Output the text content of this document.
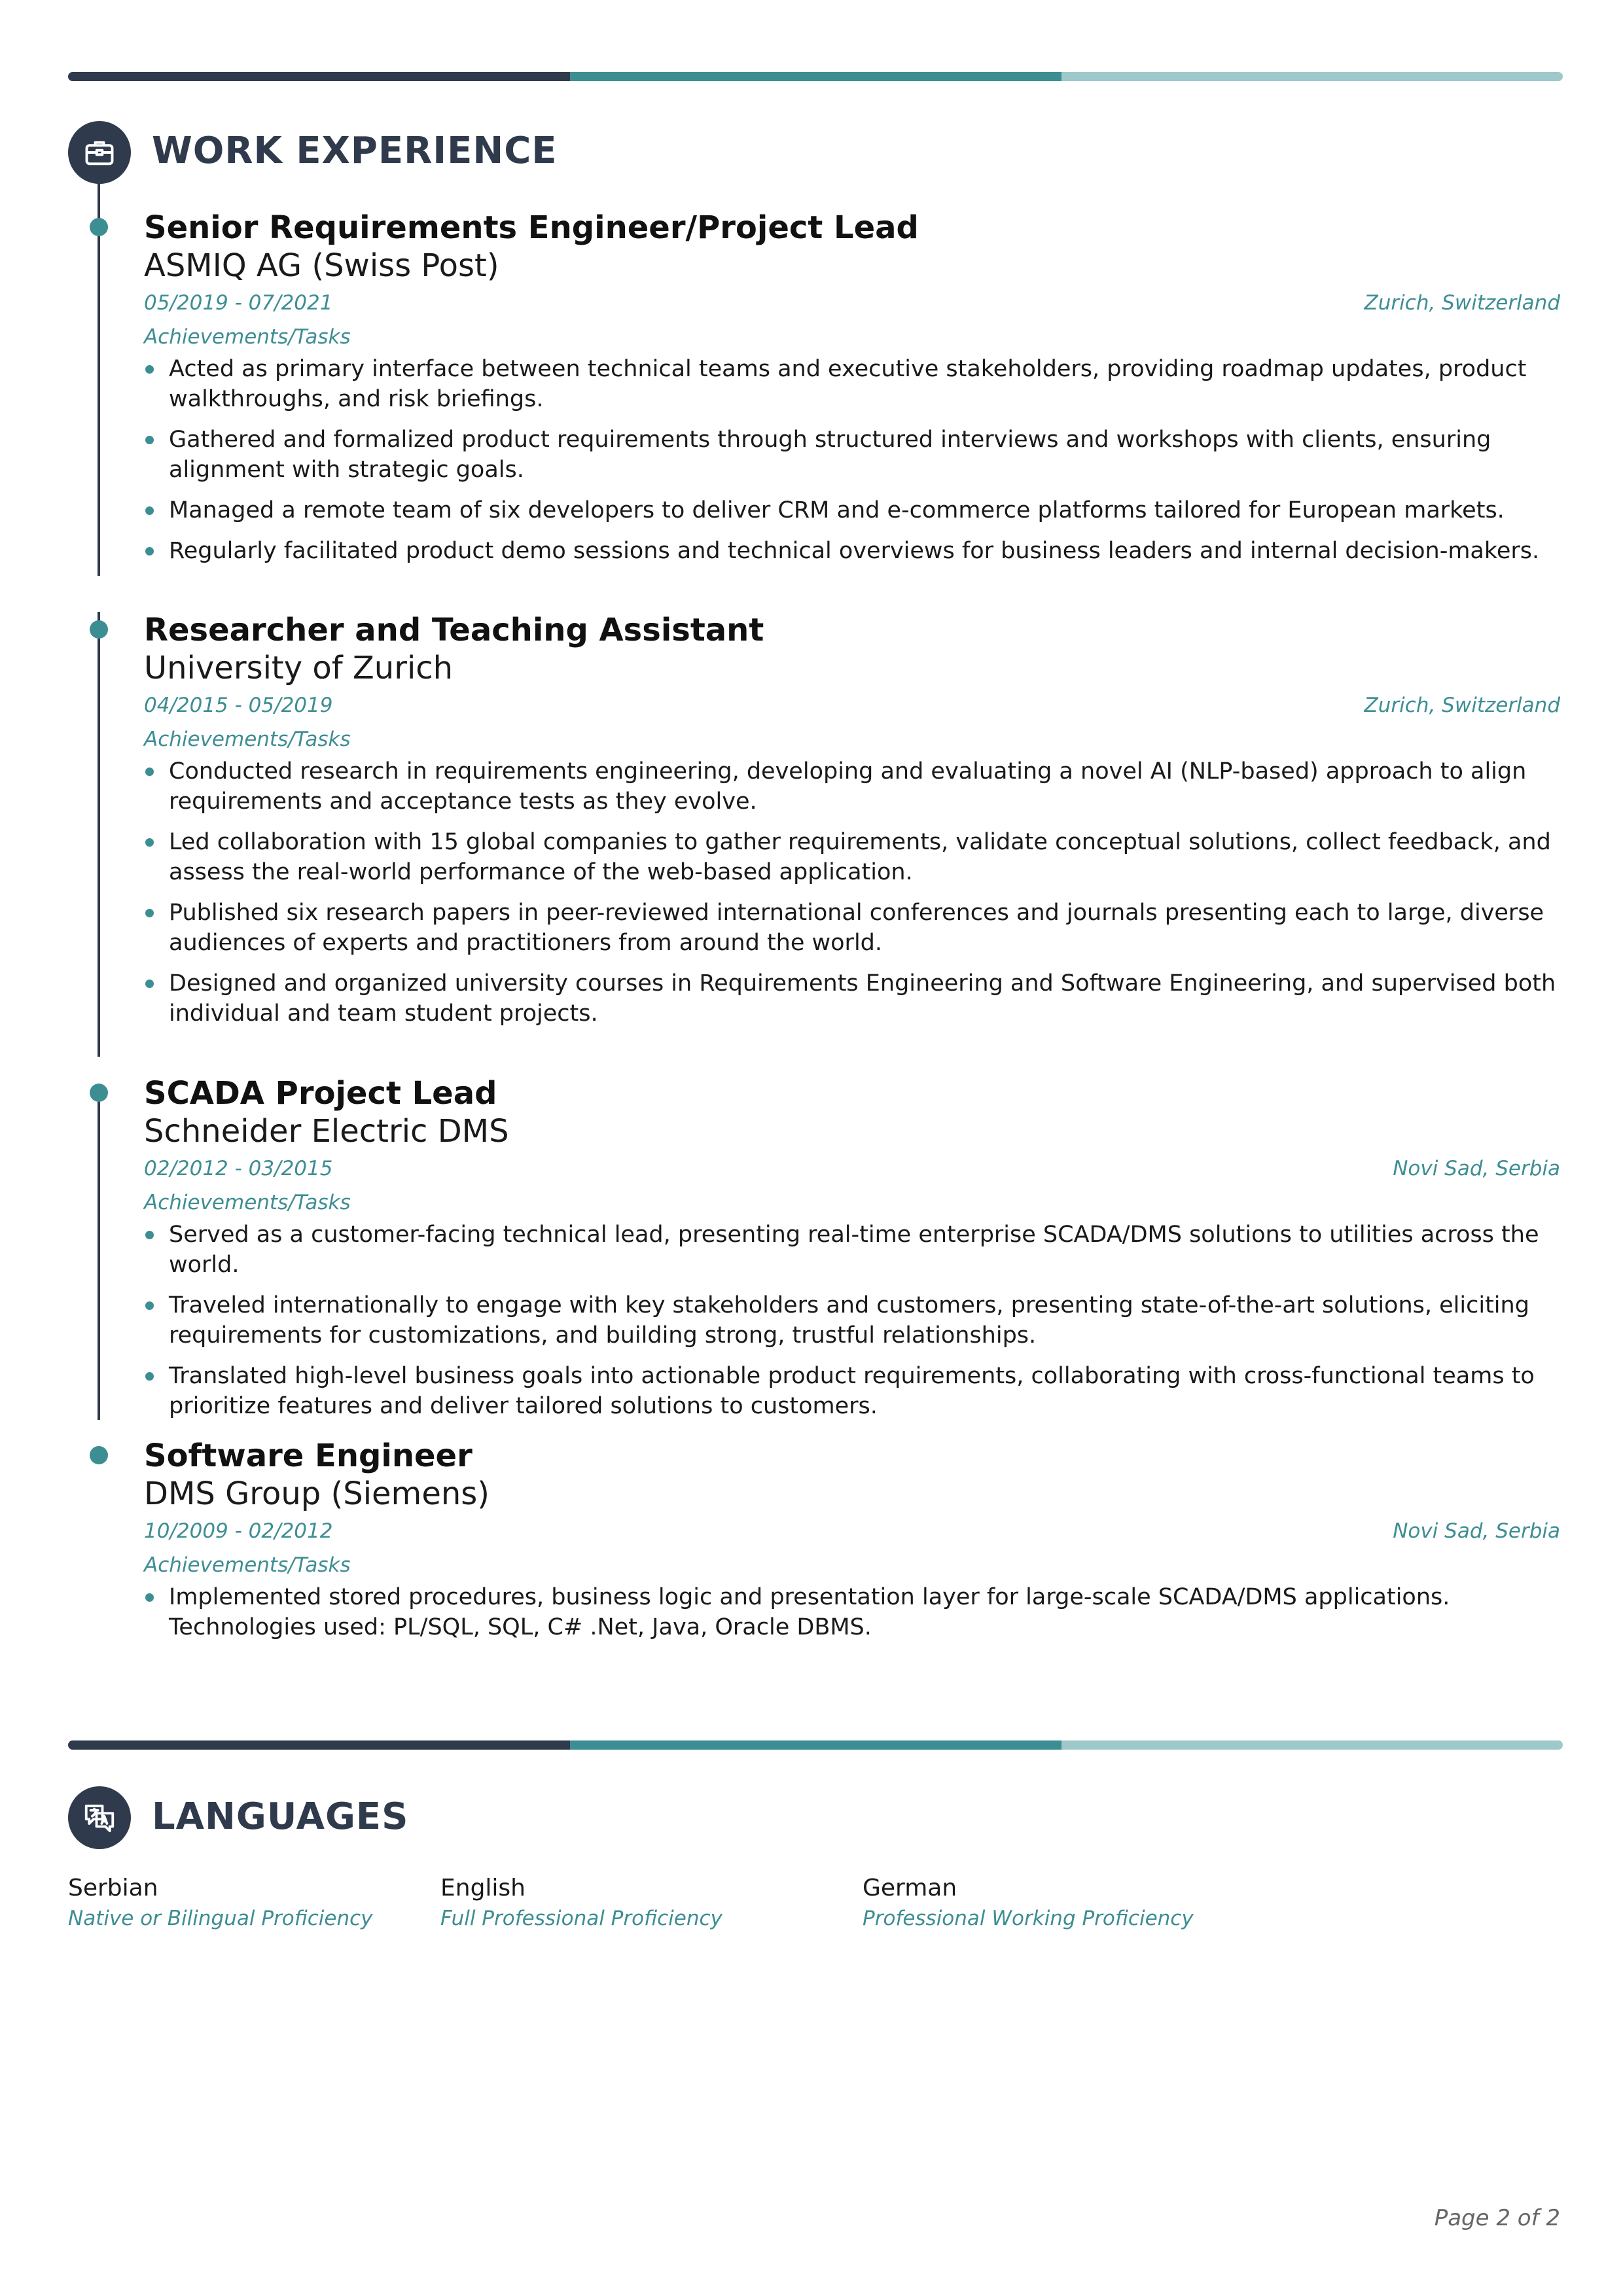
WORK EXPERIENCE
Senior Requirements Engineer/Project Lead
ASMIQ AG (Swiss Post)
05/2019 - 07/2021	Zurich, Switzerland
Achievements/Tasks
Acted as primary interface between technical teams and executive stakeholders, providing roadmap updates, product walkthroughs, and risk briefings.
Gathered and formalized product requirements through structured interviews and workshops with clients, ensuring alignment with strategic goals.
Managed a remote team of six developers to deliver CRM and e-commerce platforms tailored for European markets.
Regularly facilitated product demo sessions and technical overviews for business leaders and internal decision-makers.
Researcher and Teaching Assistant
University of Zurich
04/2015 - 05/2019	Zurich, Switzerland
Achievements/Tasks
Conducted research in requirements engineering, developing and evaluating a novel AI (NLP-based) approach to align requirements and acceptance tests as they evolve.
Led collaboration with 15 global companies to gather requirements, validate conceptual solutions, collect feedback, and assess the real-world performance of the web-based application.
Published six research papers in peer-reviewed international conferences and journals presenting each to large, diverse audiences of experts and practitioners from around the world.
Designed and organized university courses in Requirements Engineering and Software Engineering, and supervised both individual and team student projects.
SCADA Project Lead
Schneider Electric DMS
02/2012 - 03/2015	Novi Sad, Serbia
Achievements/Tasks
Served as a customer-facing technical lead, presenting real-time enterprise SCADA/DMS solutions to utilities across the world.
Traveled internationally to engage with key stakeholders and customers, presenting state-of-the-art solutions, eliciting requirements for customizations, and building strong, trustful relationships.
Translated high-level business goals into actionable product requirements, collaborating with cross-functional teams to prioritize features and deliver tailored solutions to customers.
Software Engineer
DMS Group (Siemens)
10/2009 - 02/2012	Novi Sad, Serbia
Achievements/Tasks
Implemented stored procedures, business logic and presentation layer for large-scale SCADA/DMS applications. Technologies used: PL/SQL, SQL, C# .Net, Java, Oracle DBMS.
LANGUAGES
Serbian
Native or Bilingual Proficiency
English
Full Professional Proficiency
German
Professional Working Proficiency
Page 2 of 2
